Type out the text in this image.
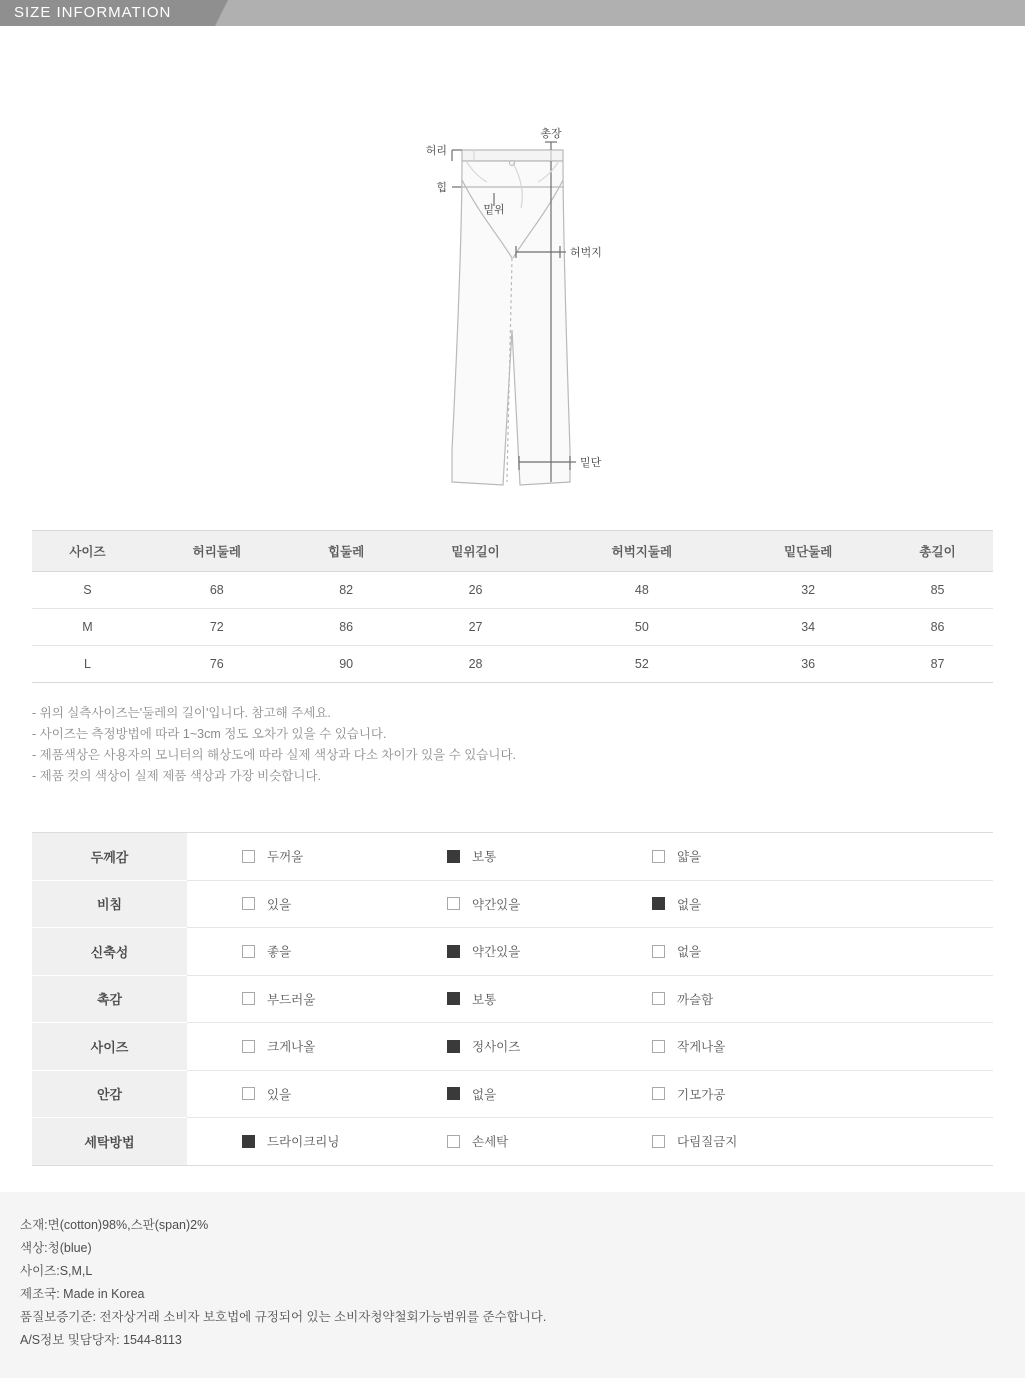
SIZE INFORMATION
총장
허리
힙
밑위
허벅지
밑단
사이즈	허리둘레	힙둘레	밑위길이	허벅지둘레	밑단둘레	총길이
S	68	82	26	48	32	85
M	72	86	27	50	34	86
L	76	90	28	52	36	87
- 위의 실측사이즈는'둘레의 길이'입니다. 참고해 주세요.
- 사이즈는 측정방법에 따라 1~3cm 정도 오차가 있을 수 있습니다.
- 제품색상은 사용자의 모니터의 해상도에 따라 실제 색상과 다소 차이가 있을 수 있습니다.
- 제품 컷의 색상이 실제 제품 색상과 가장 비슷합니다.
두께감	두꺼울 보통 얇을

비침	있을 약간있을 없을

신축성	좋을 약간있을 없을

촉감	부드러울 보통 까슬함

사이즈	크게나올 정사이즈 작게나올

안감	있을 없을 기모가공

세탁방법	드라이크리닝 손세탁 다림질금지
소재:면(cotton)98%,스판(span)2%
색상:청(blue)
사이즈:S,M,L
제조국: Made in Korea
품질보증기준: 전자상거래 소비자 보호법에 규정되어 있는 소비자청약철회가능범위를 준수합니다.
A/S정보 및담당자: 1544-8113
